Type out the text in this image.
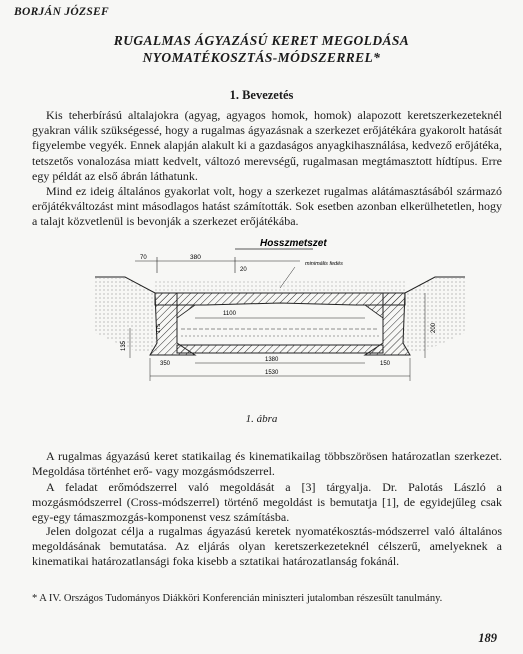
BORJÁN JÓZSEF
RUGALMAS ÁGYAZÁSÚ KERET MEGOLDÁSA
NYOMATÉKOSZTÁS-MÓDSZERREL*
1. Bevezetés

Kis teherbírású altalajokra (agyag, agyagos homok, homok) alapozott keretszerkezeteknél gyakran válik szükségessé, hogy a rugalmas ágyazásnak a szerkezet erőjátékára gyakorolt hatását figyelembe vegyék. Ennek alapján alakult ki a gazdaságos anyagkihasználása, kedvező erőjátéka, tetszetős vonalozása miatt kedvelt, változó merevségű, rugalmasan megtámasztott hídtípus. Erre egy példát az első ábrán láthatunk.

Mind ez ideig általános gyakorlat volt, hogy a szerkezet rugalmas alátámasztásából származó erőjátékváltozást mint másodlagos hatást számították. Sok esetben azonban elkerülhetetlen, hogy a talajt közvetlenül is bevonják a szerkezet erőjátékába.

Hosszmetszet
70	380
20
minimális fedés
1100
175
135
200
1380
1530
350	150
1. ábra

A rugalmas ágyazású keret statikailag és kinematikailag többszörösen határozatlan szerkezet. Megoldása történhet erő- vagy mozgásmódszerrel.

A feladat erőmódszerrel való megoldását a [3] tárgyalja. Dr. Palotás László a mozgásmódszerrel (Cross-módszerrel) történő megoldást is bemutatja [1], de egyidejűleg csak egy-egy támaszmozgás-komponenst vesz számításba.

Jelen dolgozat célja a rugalmas ágyazású keretek nyomatékosztás-módszerrel való általános megoldásának bemutatása. Az eljárás olyan keretszerkezeteknél célszerű, amelyeknek a kinematikai határozatlansági foka kisebb a sztatikai határozatlanság fokánál.

* A IV. Országos Tudományos Diákköri Konferencián miniszteri jutalomban részesült tanulmány.

189
